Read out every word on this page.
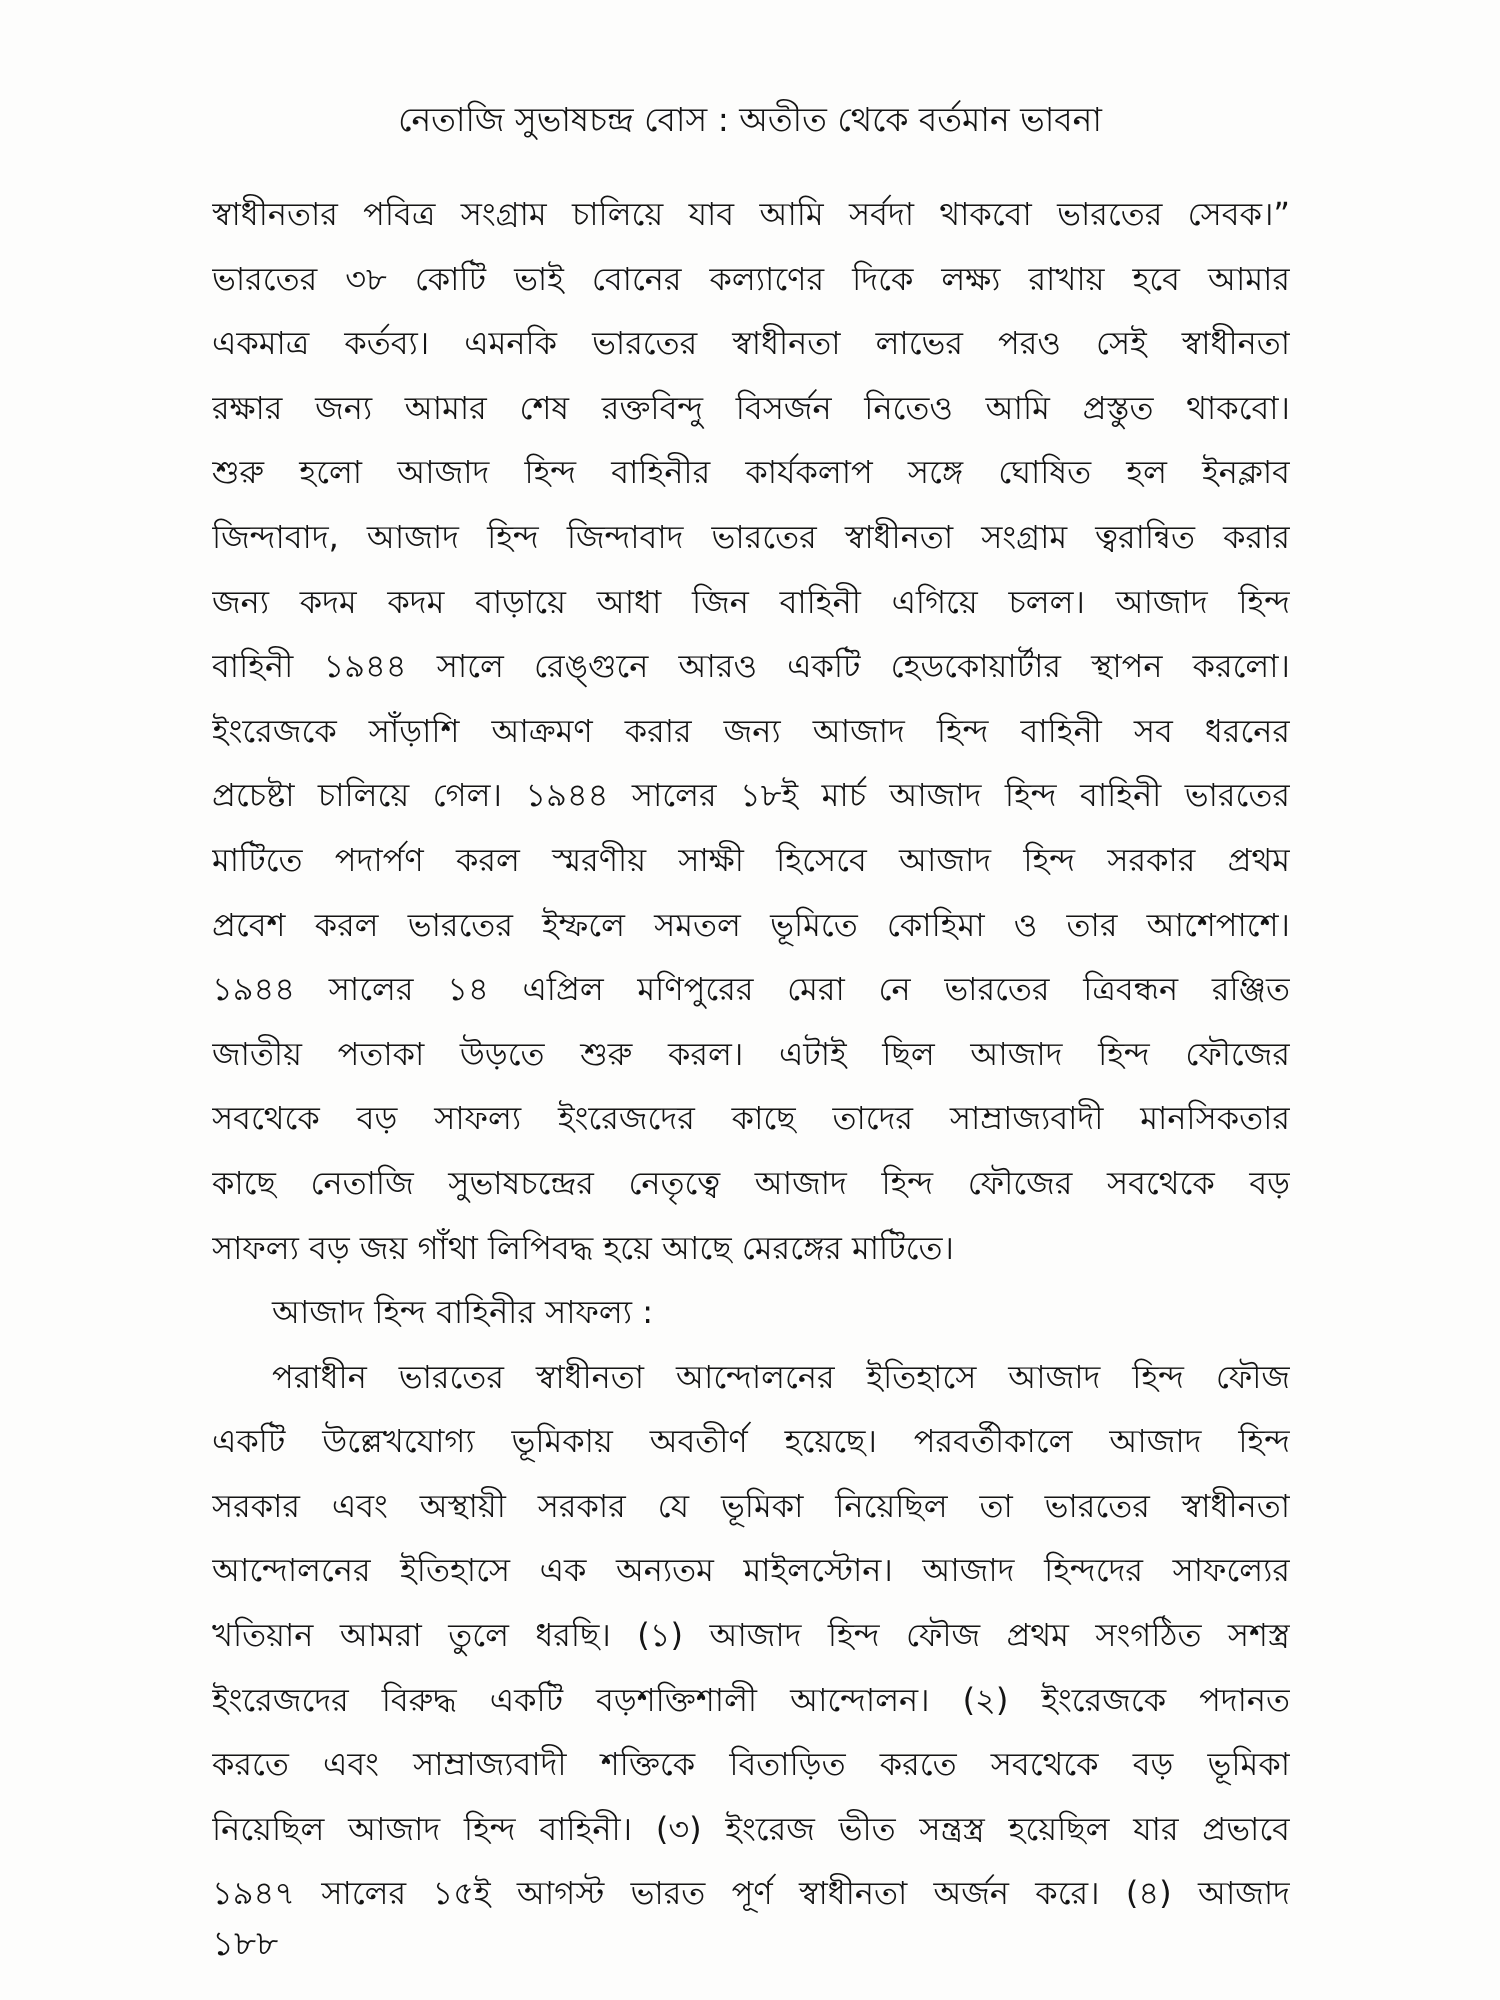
নেতাজি সুভাষচন্দ্র বোস : অতীত থেকে বর্তমান ভাবনা
স্বাধীনতার পবিত্র সংগ্রাম চালিয়ে যাব আমি সর্বদা থাকবো ভারতের সেবক।”
ভারতের ৩৮ কোটি ভাই বোনের কল্যাণের দিকে লক্ষ্য রাখায় হবে আমার
একমাত্র কর্তব্য। এমনকি ভারতের স্বাধীনতা লাভের পরও সেই স্বাধীনতা
রক্ষার জন্য আমার শেষ রক্তবিন্দু বিসর্জন নিতেও আমি প্রস্তুত থাকবো।
শুরু হলো আজাদ হিন্দ বাহিনীর কার্যকলাপ সঙ্গে ঘোষিত হল ইনক্লাব
জিন্দাবাদ, আজাদ হিন্দ জিন্দাবাদ ভারতের স্বাধীনতা সংগ্রাম ত্বরান্বিত করার
জন্য কদম কদম বাড়ায়ে আধা জিন বাহিনী এগিয়ে চলল। আজাদ হিন্দ
বাহিনী ১৯৪৪ সালে রেঙ্গুনে আরও একটি হেডকোয়ার্টার স্থাপন করলো।
ইংরেজকে সাঁড়াশি আক্রমণ করার জন্য আজাদ হিন্দ বাহিনী সব ধরনের
প্রচেষ্টা চালিয়ে গেল। ১৯৪৪ সালের ১৮ই মার্চ আজাদ হিন্দ বাহিনী ভারতের
মাটিতে পদার্পণ করল স্মরণীয় সাক্ষী হিসেবে আজাদ হিন্দ সরকার প্রথম
প্রবেশ করল ভারতের ইম্ফলে সমতল ভূমিতে কোহিমা ও তার আশেপাশে।
১৯৪৪ সালের ১৪ এপ্রিল মণিপুরের মেরা নে ভারতের ত্রিবন্ধন রঞ্জিত
জাতীয় পতাকা উড়তে শুরু করল। এটাই ছিল আজাদ হিন্দ ফৌজের
সবথেকে বড় সাফল্য ইংরেজদের কাছে তাদের সাম্রাজ্যবাদী মানসিকতার
কাছে নেতাজি সুভাষচন্দ্রের নেতৃত্বে আজাদ হিন্দ ফৌজের সবথেকে বড়
সাফল্য বড় জয় গাঁথা লিপিবদ্ধ হয়ে আছে মেরঙ্গের মাটিতে।
আজাদ হিন্দ বাহিনীর সাফল্য :
পরাধীন ভারতের স্বাধীনতা আন্দোলনের ইতিহাসে আজাদ হিন্দ ফৌজ
একটি উল্লেখযোগ্য ভূমিকায় অবতীর্ণ হয়েছে। পরবর্তীকালে আজাদ হিন্দ
সরকার এবং অস্থায়ী সরকার যে ভূমিকা নিয়েছিল তা ভারতের স্বাধীনতা
আন্দোলনের ইতিহাসে এক অন্যতম মাইলস্টোন। আজাদ হিন্দদের সাফল্যের
খতিয়ান আমরা তুলে ধরছি। (১) আজাদ হিন্দ ফৌজ প্রথম সংগঠিত সশস্ত্র
ইংরেজদের বিরুদ্ধ একটি বড়শক্তিশালী আন্দোলন। (২) ইংরেজকে পদানত
করতে এবং সাম্রাজ্যবাদী শক্তিকে বিতাড়িত করতে সবথেকে বড় ভূমিকা
নিয়েছিল আজাদ হিন্দ বাহিনী। (৩) ইংরেজ ভীত সন্ত্রস্ত্র হয়েছিল যার প্রভাবে
১৯৪৭ সালের ১৫ই আগস্ট ভারত পূর্ণ স্বাধীনতা অর্জন করে। (৪) আজাদ
১৮৮
